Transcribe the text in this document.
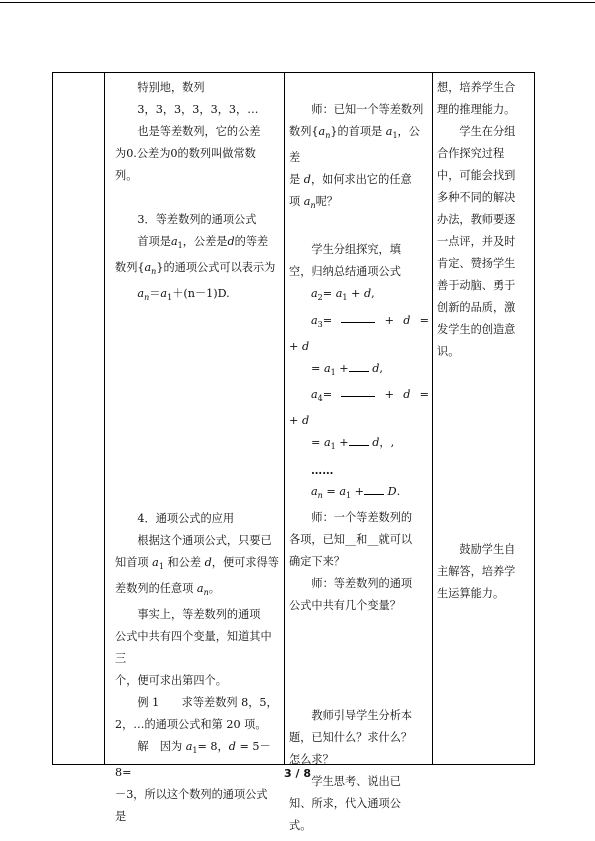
特别地，数列

3，3，3，3，3，3，…

也是等差数列，它的公差

为0.公差为0的数列叫做常数

列。

3．等差数列的通项公式

首项是$a_1$，公差是d的等差

数列$\{a_n\}$的通项公式可以表示为

$a_n=a_1+(n-1)D$.

4．通项公式的应用

根据这个通项公式，只要已

知首项 $a_1$ 和公差 d，便可求得等

差数列的任意项 $a_n$。

事实上，等差数列的通项

公式中共有四个变量，知道其中三

个，便可求出第四个。

例 1　　求等差数列 8，5，

2，…的通项公式和第 20 项。

解　因为 $a_1= 8$，d = 5－8=

－3，所以这个数列的通项公式

是

师：已知一个等差数列

数列$\{a_n\}$的首项是 $a_1$，公差

是 d，如何求出它的任意

项 $a_n$呢？

学生分组探究，填

空，归纳总结通项公式

$a_2= a_1 + d$,

$a_3=$	+ d =

+ d

= $a_1 + d$,

$a_4=$	+ d =

+ d

= $a_1 + d$，,

……

$a_n = a_1 + D$.

师：一个等差数列的

各项，已知__和__就可以

确定下来？

师：等差数列的通项

公式中共有几个变量？

教师引导学生分析本

题，已知什么？求什么？

怎么求？

学生思考、说出已

知、所求，代入通项公

式。

想，培养学生合

理的推理能力。

学生在分组

合作探究过程

中，可能会找到

多种不同的解决

办法，教师要逐

一点评，并及时

肯定、赞扬学生

善于动脑、勇于

创新的品质，激

发学生的创造意

识。

鼓励学生自

主解答，培养学

生运算能力。

3 / 8
